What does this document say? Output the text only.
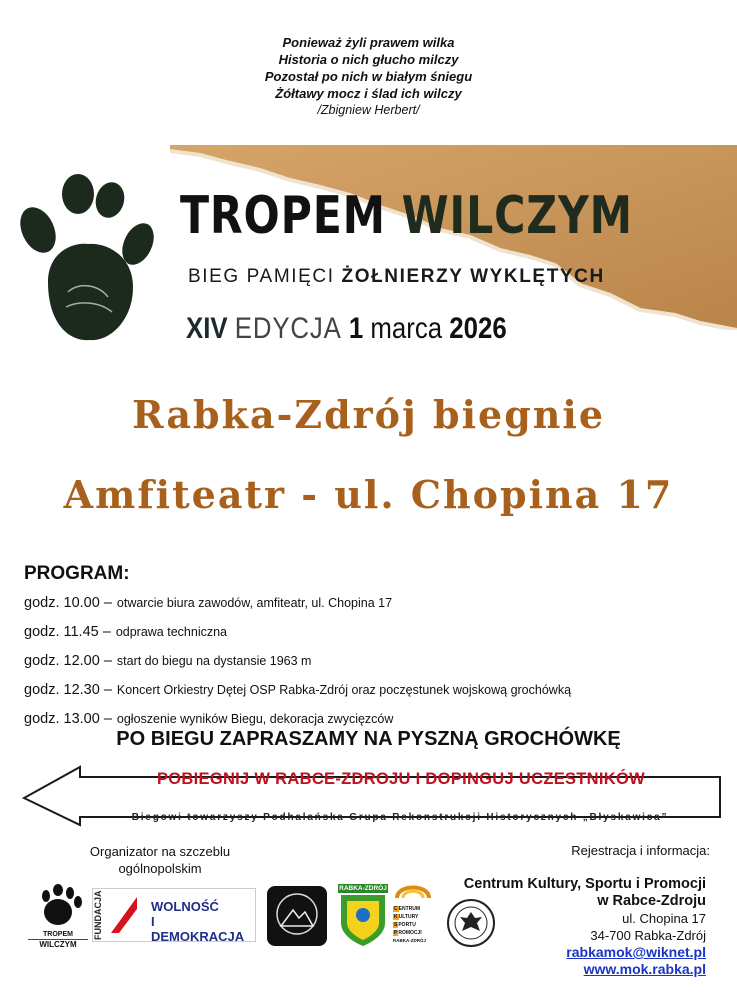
Ponieważ żyli prawem wilka
Historia o nich głucho milczy
Pozostał po nich w białym śniegu
Żółtawy mocz i ślad ich wilczy
/Zbigniew Herbert/
TROPEM WILCZYM
BIEG PAMIĘCI ŻOŁNIERZY WYKLĘTYCH
XIV EDYCJA 1 marca 2026
Rabka-Zdrój biegnie
Amfiteatr - ul. Chopina 17
PROGRAM:
godz. 10.00 – otwarcie biura zawodów, amfiteatr, ul. Chopina 17
godz. 11.45 – odprawa techniczna
godz. 12.00 – start do biegu na dystansie 1963 m
godz. 12.30 – Koncert Orkiestry Dętej OSP Rabka-Zdrój oraz poczęstunek wojskową grochówką
godz. 13.00 – ogłoszenie wyników Biegu, dekoracja zwycięzców
PO BIEGU ZAPRASZAMY NA PYSZNĄ GROCHÓWKĘ
POBIEGNIJ W RABCE-ZDROJU I DOPINGUJ UCZESTNIKÓW
Biegowi towarzyszy Podhalańska Grupa Rekonstrukcji Historycznych „Błyskawica”
Organizator na szczeblu ogólnopolskim
Rejestracja i informacja:
TROPEM
WILCZYM
FUNDACJA	WOLNOŚĆ
I DEMOKRACJA
RABKA-ZDRÓJ
CENTRUM
KULTURY
SPORTU
PROMOCJI
RABKA-ZDRÓJ
Centrum Kultury, Sportu i Promocji
w Rabce-Zdroju
ul. Chopina 17
34-700 Rabka-Zdrój
rabkamok@wiknet.pl
www.mok.rabka.pl
